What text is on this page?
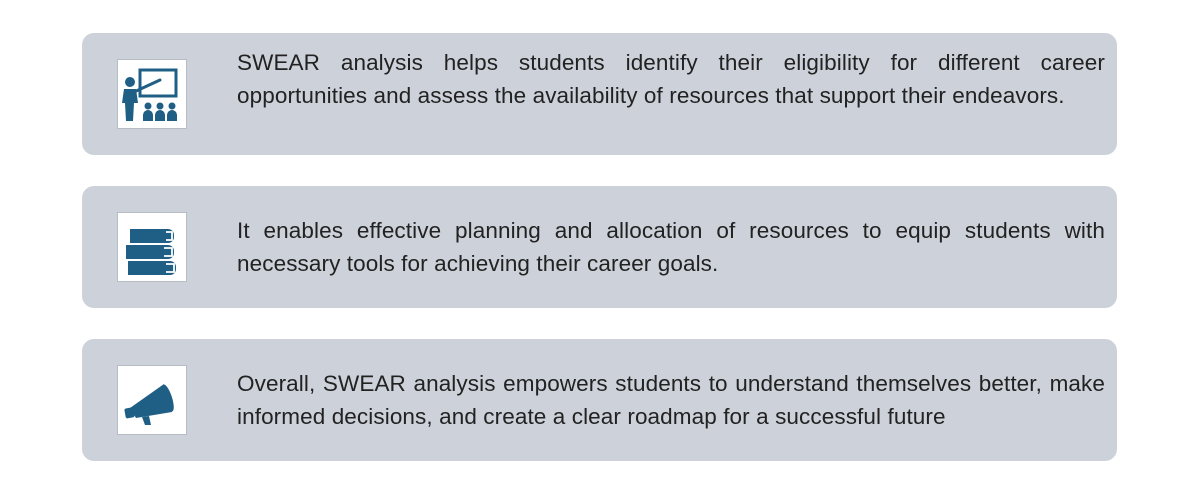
SWEAR analysis helps students identify their eligibility for different career opportunities and assess the availability of resources that support their endeavors.
It enables effective planning and allocation of resources to equip students with necessary tools for achieving their career goals.
Overall, SWEAR analysis empowers students to understand themselves better, make informed decisions, and create a clear roadmap for a successful future
